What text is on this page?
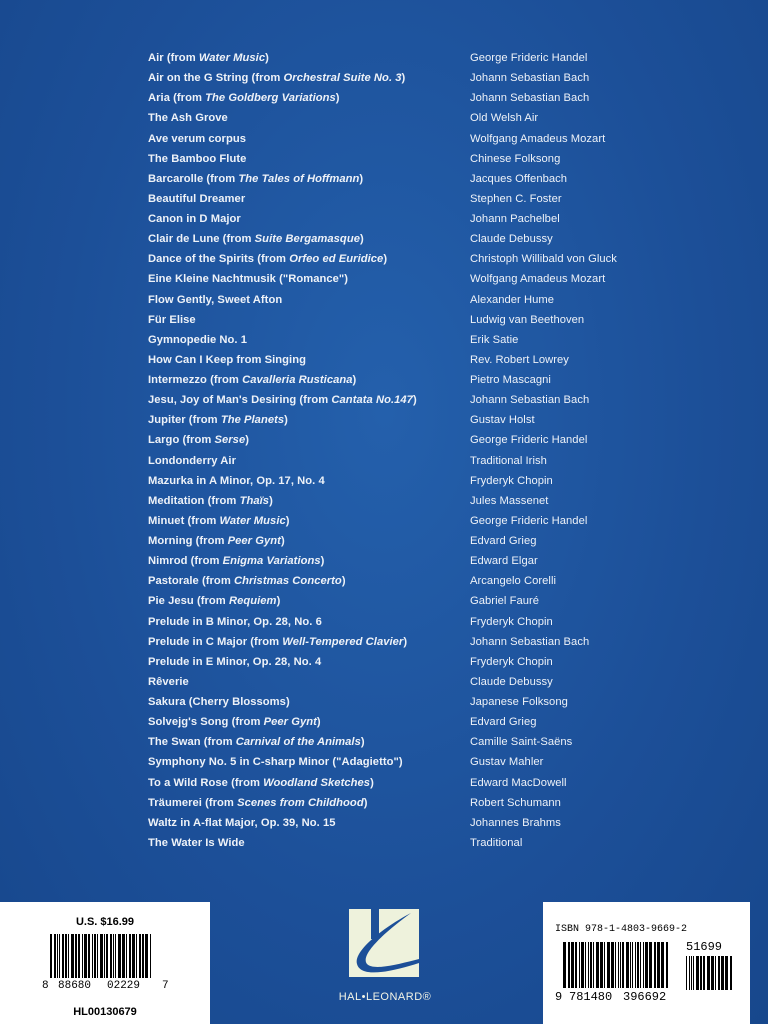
Air (from Water Music)	George Frideric Handel
Air on the G String (from Orchestral Suite No. 3)	Johann Sebastian Bach
Aria (from The Goldberg Variations)	Johann Sebastian Bach
The Ash Grove	Old Welsh Air
Ave verum corpus	Wolfgang Amadeus Mozart
The Bamboo Flute	Chinese Folksong
Barcarolle (from The Tales of Hoffmann)	Jacques Offenbach
Beautiful Dreamer	Stephen C. Foster
Canon in D Major	Johann Pachelbel
Clair de Lune (from Suite Bergamasque)	Claude Debussy
Dance of the Spirits (from Orfeo ed Euridice)	Christoph Willibald von Gluck
Eine Kleine Nachtmusik ("Romance")	Wolfgang Amadeus Mozart
Flow Gently, Sweet Afton	Alexander Hume
Für Elise	Ludwig van Beethoven
Gymnopedie No. 1	Erik Satie
How Can I Keep from Singing	Rev. Robert Lowrey
Intermezzo (from Cavalleria Rusticana)	Pietro Mascagni
Jesu, Joy of Man's Desiring (from Cantata No.147)	Johann Sebastian Bach
Jupiter (from The Planets)	Gustav Holst
Largo (from Serse)	George Frideric Handel
Londonderry Air	Traditional Irish
Mazurka in A Minor, Op. 17, No. 4	Fryderyk Chopin
Meditation (from Thaïs)	Jules Massenet
Minuet (from Water Music)	George Frideric Handel
Morning (from Peer Gynt)	Edvard Grieg
Nimrod (from Enigma Variations)	Edward Elgar
Pastorale (from Christmas Concerto)	Arcangelo Corelli
Pie Jesu (from Requiem)	Gabriel Fauré
Prelude in B Minor, Op. 28, No. 6	Fryderyk Chopin
Prelude in C Major (from Well-Tempered Clavier)	Johann Sebastian Bach
Prelude in E Minor, Op. 28, No. 4	Fryderyk Chopin
Rêverie	Claude Debussy
Sakura (Cherry Blossoms)	Japanese Folksong
Solvejg's Song (from Peer Gynt)	Edvard Grieg
The Swan (from Carnival of the Animals)	Camille Saint-Saëns
Symphony No. 5 in C-sharp Minor ("Adagietto")	Gustav Mahler
To a Wild Rose (from Woodland Sketches)	Edward MacDowell
Träumerei (from Scenes from Childhood)	Robert Schumann
Waltz in A-flat Major, Op. 39, No. 15	Johannes Brahms
The Water Is Wide	Traditional
U.S. $16.99
8 88680 02229 7
HL00130679
HAL•LEONARD®
ISBN 978-1-4803-9669-2
51699
9 781480 396692
